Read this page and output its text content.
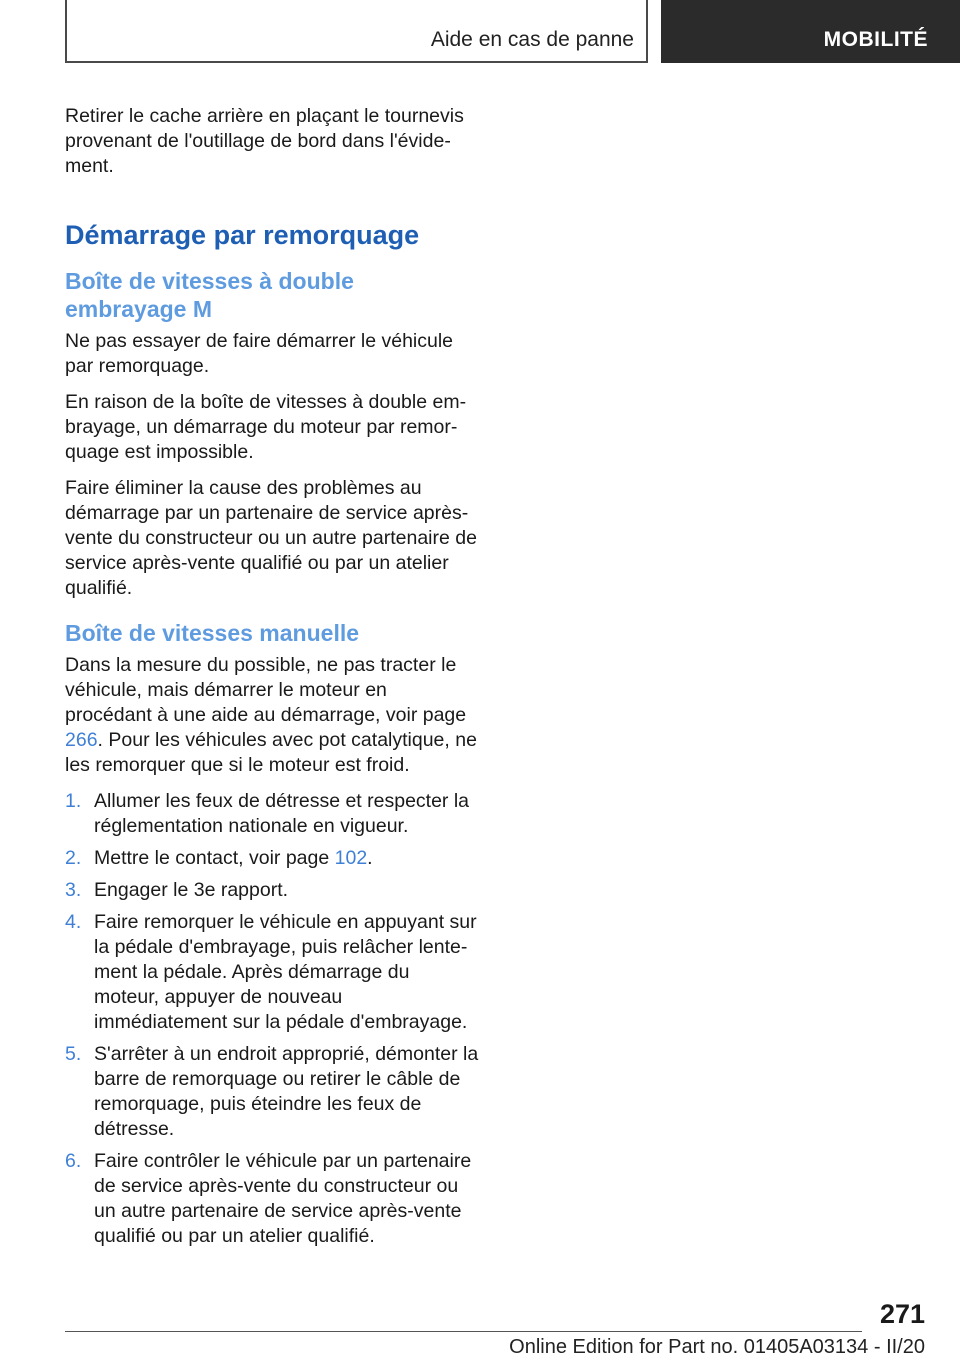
Aide en cas de panne	MOBILITÉ

Retirer le cache arrière en plaçant le tournevis provenant de l'outillage de bord dans l'évidement.

Démarrage par remorquage
Boîte de vitesses à double embrayage M

Ne pas essayer de faire démarrer le véhicule par remorquage.

En raison de la boîte de vitesses à double embrayage, un démarrage du moteur par remorquage est impossible.

Faire éliminer la cause des problèmes au démarrage par un partenaire de service après-vente du constructeur ou un autre partenaire de service après-vente qualifié ou par un atelier qualifié.

Boîte de vitesses manuelle

Dans la mesure du possible, ne pas tracter le véhicule, mais démarrer le moteur en procédant à une aide au démarrage, voir page 266. Pour les véhicules avec pot catalytique, ne les remorquer que si le moteur est froid.

1. Allumer les feux de détresse et respecter la réglementation nationale en vigueur.
2. Mettre le contact, voir page 102.
3. Engager le 3e rapport.
4. Faire remorquer le véhicule en appuyant sur la pédale d'embrayage, puis relâcher lentement la pédale. Après démarrage du moteur, appuyer de nouveau immédiatement sur la pédale d'embrayage.
5. S'arrêter à un endroit approprié, démonter la barre de remorquage ou retirer le câble de remorquage, puis éteindre les feux de détresse.
6. Faire contrôler le véhicule par un partenaire de service après-vente du constructeur ou un autre partenaire de service après-vente qualifié ou par un atelier qualifié.
271
Online Edition for Part no. 01405A03134 - II/20
